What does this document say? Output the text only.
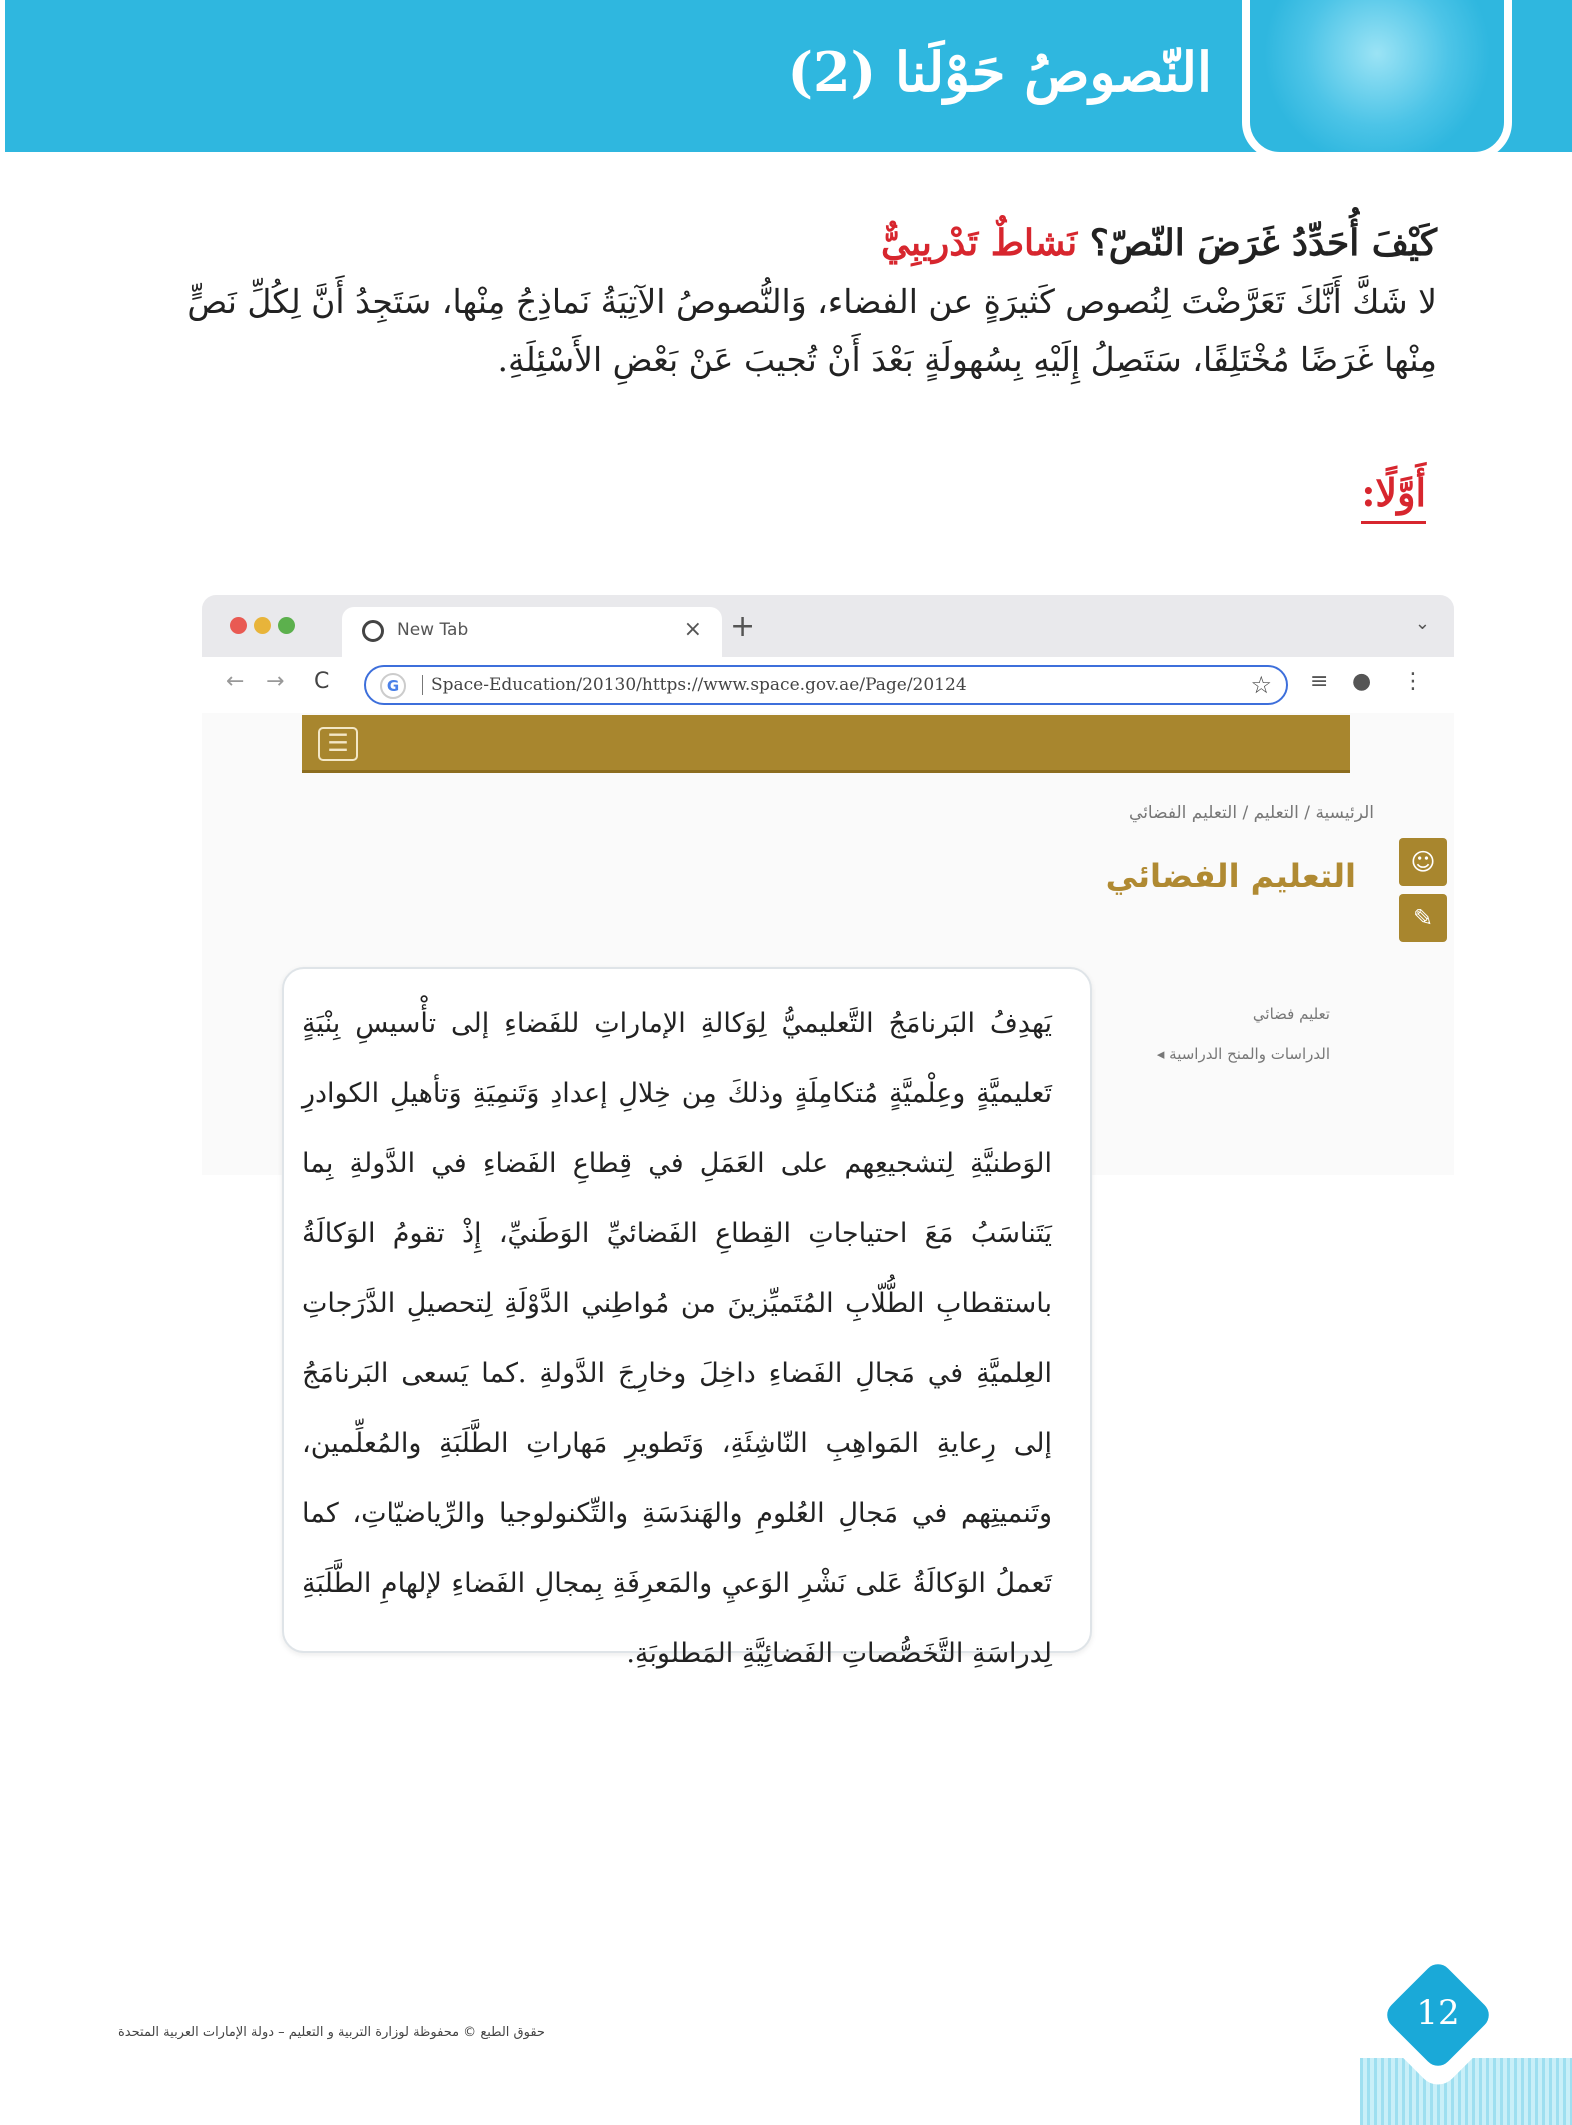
النّصوصُ حَوْلَنا (2)
كَيْفَ أُحَدِّدُ غَرَضَ النّصّ؟ نَشاطٌ تَدْريبِيٌّ
لا شَكَّ أَنَّكَ تَعَرَّضْتَ لِنُصوص كَثيرَةٍ عن الفضاء، وَالنُّصوصُ الآتِيَةُ نَماذِجُ مِنْها، سَتَجِدُ أَنَّ لِكُلِّ نَصٍّ مِنْها غَرَضًا مُخْتَلِفًا، سَتَصِلُ إِلَيْهِ بِسُهولَةٍ بَعْدَ أَنْ تُجيبَ عَنْ بَعْضِ الأَسْئِلَةِ.
أَوَّلًا:
New Tab	× +	⌄
← → C	G	Space-Education/20130/https://www.space.gov.ae/Page/20124	☆ ≡ ● ⋮
☰
الرئيسية / التعليم / التعليم الفضائي
التعليم الفضائي	☺
✎
تعليم فضائي
الدراسات والمنح الدراسية ◂
يَهدِفُ البَرنامَجُ التَّعليميُّ لِوَكالةِ الإماراتِ للفَضاءِ إلى تأْسيسِ بِنْيَةٍ تَعليميَّةٍ وعِلْميَّةٍ مُتكامِلَةٍ وذلكَ مِن خِلالِ إعدادِ وَتَنمِيَةِ وَتأهيلِ الكوادرِ الوَطنيَّةِ لِتشجيعِهم على العَمَلِ في قِطاعِ الفَضاءِ في الدَّولةِ بِما يَتَناسَبُ مَعَ احتياجاتِ القِطاعِ الفَضائيِّ الوَطَنيِّ، إِذْ تقومُ الوَكالَةُ باستقطابِ الطُّلّابِ المُتَميِّزينَ من مُواطِني الدَّوْلَةِ لِتحصيلِ الدَّرَجاتِ العِلميَّةِ في مَجالِ الفَضاءِ داخِلَ وخارِجَ الدَّولةِ .كما يَسعى البَرنامَجُ إلى رِعايةِ المَواهِبِ النّاشِئَةِ، وَتَطويرِ مَهاراتِ الطَّلَبَةِ والمُعلِّمين، وتَنميتِهم في مَجالِ العُلومِ والهَندَسَةِ والتِّكنولوجيا والرِّياضيّاتِ، كما تَعملُ الوَكالَةُ عَلى نَشْرِ الوَعيِ والمَعرِفَةِ بِمجالِ الفَضاءِ لإلهامِ الطَّلَبَةِ لِدراسَةِ التَّخَصُّصاتِ الفَضائِيَّةِ المَطلوبَةِ.
حقوق الطبع © محفوظة لوزارة التربية و التعليم – دولة الإمارات العربية المتحدة	12
